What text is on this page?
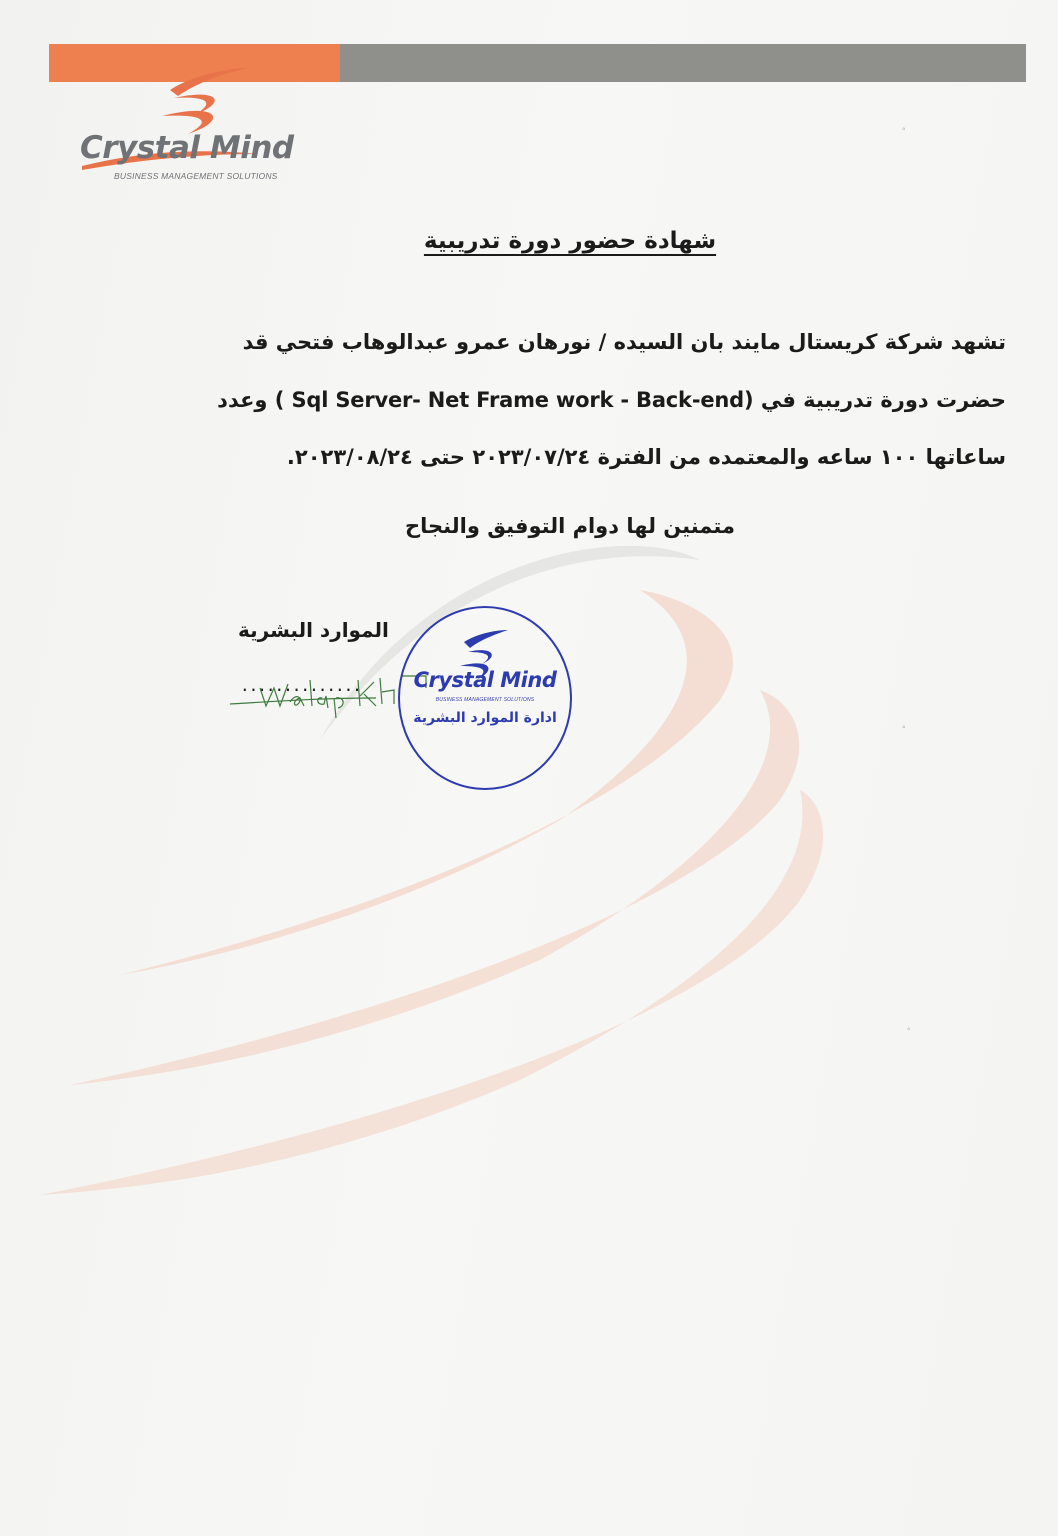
Crystal Mind
BUSINESS MANAGEMENT SOLUTIONS
◦
◦
◦
شهادة حضور دورة تدريبية
تشهد شركة كريستال مايند بان السيده / نورهان عمرو عبدالوهاب فتحي قد
حضرت دورة تدريبية في (Sql Server- Net Frame work - Back-end ) وعدد
ساعاتها ١٠٠ ساعه والمعتمده من الفترة ٢٠٢٣/٠٧/٢٤ حتى ٢٠٢٣/٠٨/٢٤.
متمنين لها دوام التوفيق والنجاح
الموارد البشرية
..............	Crystal Mind
BUSINESS MANAGEMENT SOLUTIONS
ادارة الموارد البشرية
